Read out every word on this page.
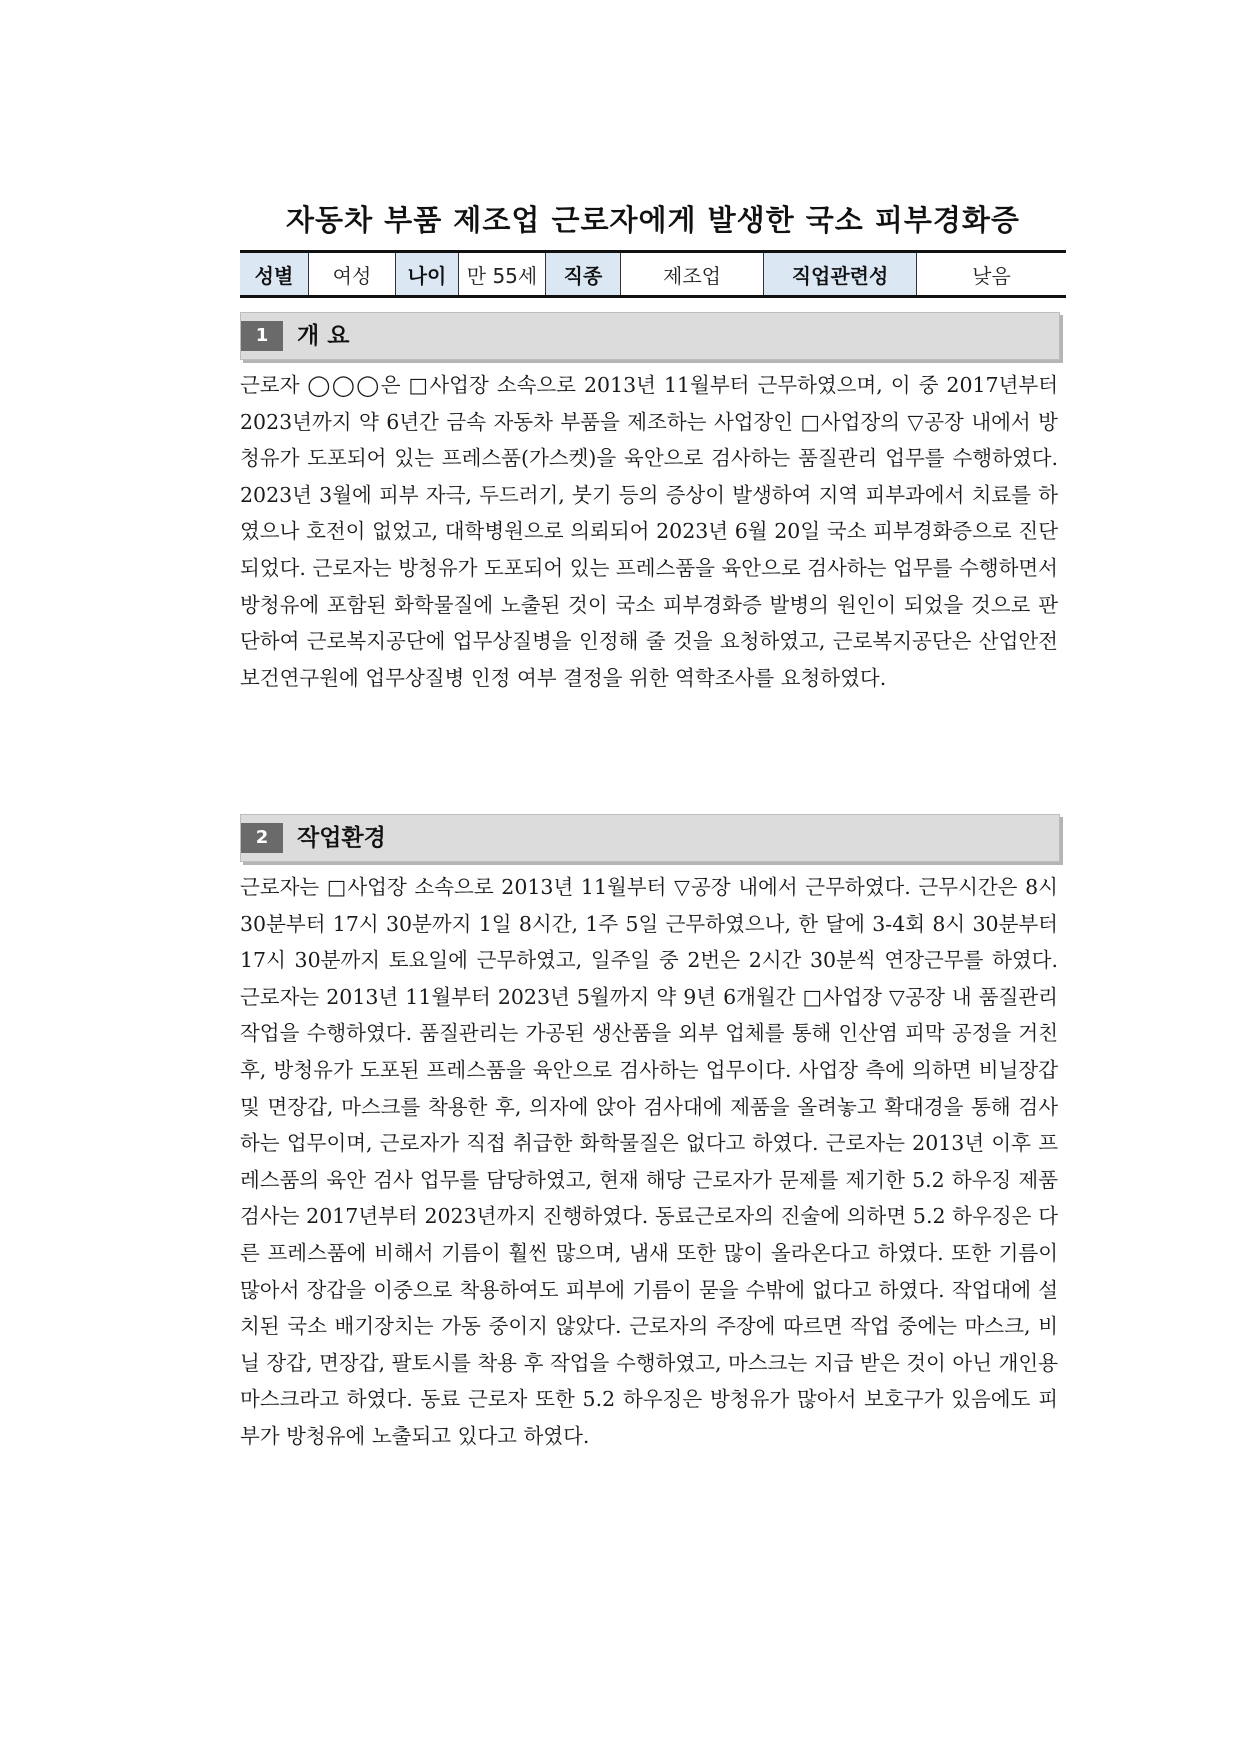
자동차 부품 제조업 근로자에게 발생한 국소 피부경화증
성별	여성	나이	만 55세	직종	제조업	직업관련성	낮음
1	개 요

근로자 ◯◯◯은 □사업장 소속으로 2013년 11월부터 근무하였으며, 이 중 2017년부터 2023년까지 약 6년간 금속 자동차 부품을 제조하는 사업장인 □사업장의 ▽공장 내에서 방청유가 도포되어 있는 프레스품(가스켓)을 육안으로 검사하는 품질관리 업무를 수행하였다. 2023년 3월에 피부 자극, 두드러기, 붓기 등의 증상이 발생하여 지역 피부과에서 치료를 하였으나 호전이 없었고, 대학병원으로 의뢰되어 2023년 6월 20일 국소 피부경화증으로 진단되었다. 근로자는 방청유가 도포되어 있는 프레스품을 육안으로 검사하는 업무를 수행하면서 방청유에 포함된 화학물질에 노출된 것이 국소 피부경화증 발병의 원인이 되었을 것으로 판단하여 근로복지공단에 업무상질병을 인정해 줄 것을 요청하였고, 근로복지공단은 산업안전보건연구원에 업무상질병 인정 여부 결정을 위한 역학조사를 요청하였다.

2	작업환경

근로자는 □사업장 소속으로 2013년 11월부터 ▽공장 내에서 근무하였다. 근무시간은 8시 30분부터 17시 30분까지 1일 8시간, 1주 5일 근무하였으나, 한 달에 3-4회 8시 30분부터 17시 30분까지 토요일에 근무하였고, 일주일 중 2번은 2시간 30분씩 연장근무를 하였다. 근로자는 2013년 11월부터 2023년 5월까지 약 9년 6개월간 □사업장 ▽공장 내 품질관리 작업을 수행하였다. 품질관리는 가공된 생산품을 외부 업체를 통해 인산염 피막 공정을 거친 후, 방청유가 도포된 프레스품을 육안으로 검사하는 업무이다. 사업장 측에 의하면 비닐장갑 및 면장갑, 마스크를 착용한 후, 의자에 앉아 검사대에 제품을 올려놓고 확대경을 통해 검사하는 업무이며, 근로자가 직접 취급한 화학물질은 없다고 하였다. 근로자는 2013년 이후 프레스품의 육안 검사 업무를 담당하였고, 현재 해당 근로자가 문제를 제기한 5.2 하우징 제품 검사는 2017년부터 2023년까지 진행하였다. 동료근로자의 진술에 의하면 5.2 하우징은 다른 프레스품에 비해서 기름이 훨씬 많으며, 냄새 또한 많이 올라온다고 하였다. 또한 기름이 많아서 장갑을 이중으로 착용하여도 피부에 기름이 묻을 수밖에 없다고 하였다. 작업대에 설치된 국소 배기장치는 가동 중이지 않았다. 근로자의 주장에 따르면 작업 중에는 마스크, 비닐 장갑, 면장갑, 팔토시를 착용 후 작업을 수행하였고, 마스크는 지급 받은 것이 아닌 개인용 마스크라고 하였다. 동료 근로자 또한 5.2 하우징은 방청유가 많아서 보호구가 있음에도 피부가 방청유에 노출되고 있다고 하였다.
